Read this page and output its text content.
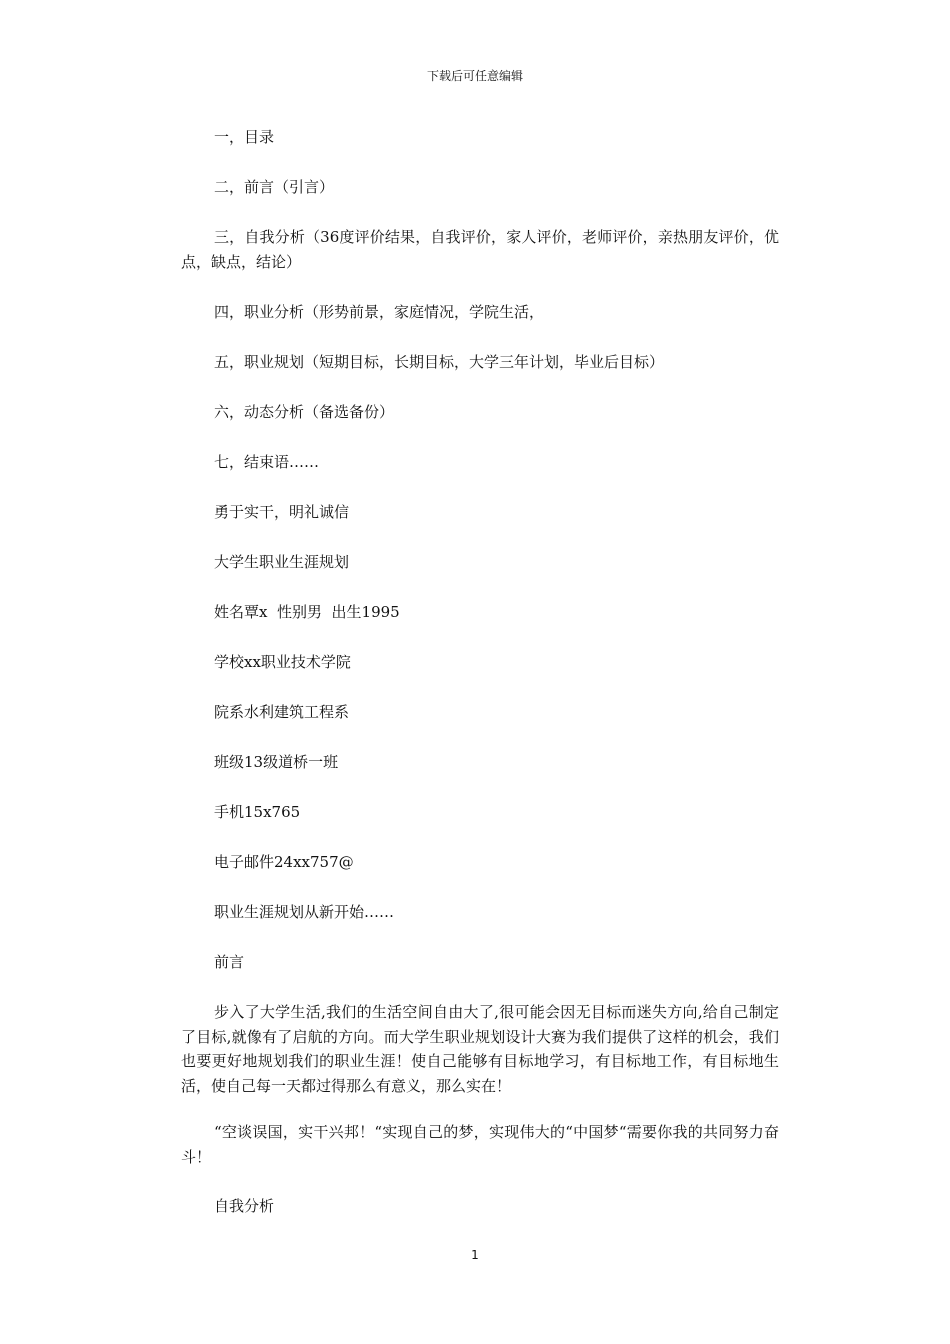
下载后可任意编辑
一，目录
二，前言（引言）
三，自我分析（36度评价结果，自我评价，家人评价，老师评价，亲热朋友评价，优点，缺点，结论）
四，职业分析（形势前景，家庭情况，学院生活，
五，职业规划（短期目标，长期目标，大学三年计划，毕业后目标）
六，动态分析（备选备份）
七，结束语……
勇于实干，明礼诚信
大学生职业生涯规划
姓名覃x  性别男  出生1995
学校xx职业技术学院
院系水利建筑工程系
班级13级道桥一班
手机15x765
电子邮件24xx757@
职业生涯规划从新开始……
前言
步入了大学生活,我们的生活空间自由大了,很可能会因无目标而迷失方向,给自己制定了目标,就像有了启航的方向。而大学生职业规划设计大赛为我们提供了这样的机会，我们也要更好地规划我们的职业生涯！使自己能够有目标地学习，有目标地工作，有目标地生活，使自己每一天都过得那么有意义，那么实在！
“空谈误国，实干兴邦！“实现自己的梦，实现伟大的“中国梦“需要你我的共同努力奋斗！
自我分析
1
